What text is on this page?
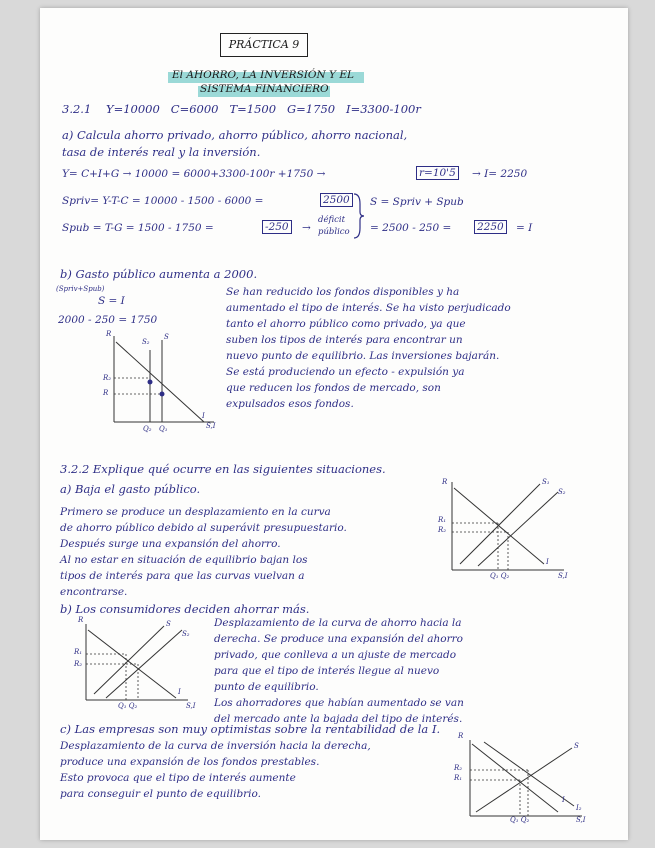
PRÁCTICA 9
El AHORRO, LA INVERSIÓN Y EL
SISTEMA FINANCIERO
3.2.1 Y=10000   C=6000   T=1500   G=1750   I=3300-100r
a) Calcula ahorro privado, ahorro público, ahorro nacional,
tasa de interés real y la inversión.
Y= C+I+G → 10000 = 6000+3300-100r +1750 →	r=10'5 → I= 2250
Spriv= Y-T-C = 10000 - 1500 - 6000 =	2500
Spub = T-G = 1500 - 1750 =	-250 →
déficit
público
S = Spriv + Spub
= 2500 - 250 = 2250 = I
b) Gasto público aumenta a 2000.
(Spriv+Spub)
S = I
2000 - 250 = 1750
Se han reducido los fondos disponibles y ha
aumentado el tipo de interés. Se ha visto perjudicado
tanto el ahorro público como privado, ya que
suben los tipos de interés para encontrar un
nuevo punto de equilibrio. Las inversiones bajarán.
Se está produciendo un efecto - expulsión ya
que reducen los fondos de mercado, son
expulsados esos fondos.
R
R₂
R
S₂
S
I
Q₂ Q₁	S,I
3.2.2 Explique qué ocurre en las siguientes situaciones.
a) Baja el gasto público.
Primero se produce un desplazamiento en la curva
de ahorro público debido al superávit presupuestario.
Después surge una expansión del ahorro.
Al no estar en situación de equilibrio bajan los
tipos de interés para que las curvas vuelvan a
encontrarse.
R	S₁
S₂
R₁
R₂
I
Q₁ Q₂	S,I
b) Los consumidores deciden ahorrar más.
Desplazamiento de la curva de ahorro hacia la
derecha. Se produce una expansión del ahorro
privado, que conlleva a un ajuste de mercado
para que el tipo de interés llegue al nuevo
punto de equilibrio.
Los ahorradores que habían aumentado se van
del mercado ante la bajada del tipo de interés.
R	S
S₂
R₁
R₂
I
Q₁ Q₂	S,I
c) Las empresas son muy optimistas sobre la rentabilidad de la I.
Desplazamiento de la curva de inversión hacia la derecha,
produce una expansión de los fondos prestables.
Esto provoca que el tipo de interés aumente
para conseguir el punto de equilibrio.
R
S
R₂
R₁
I
I₂
Q₁ Q₂	S,I
